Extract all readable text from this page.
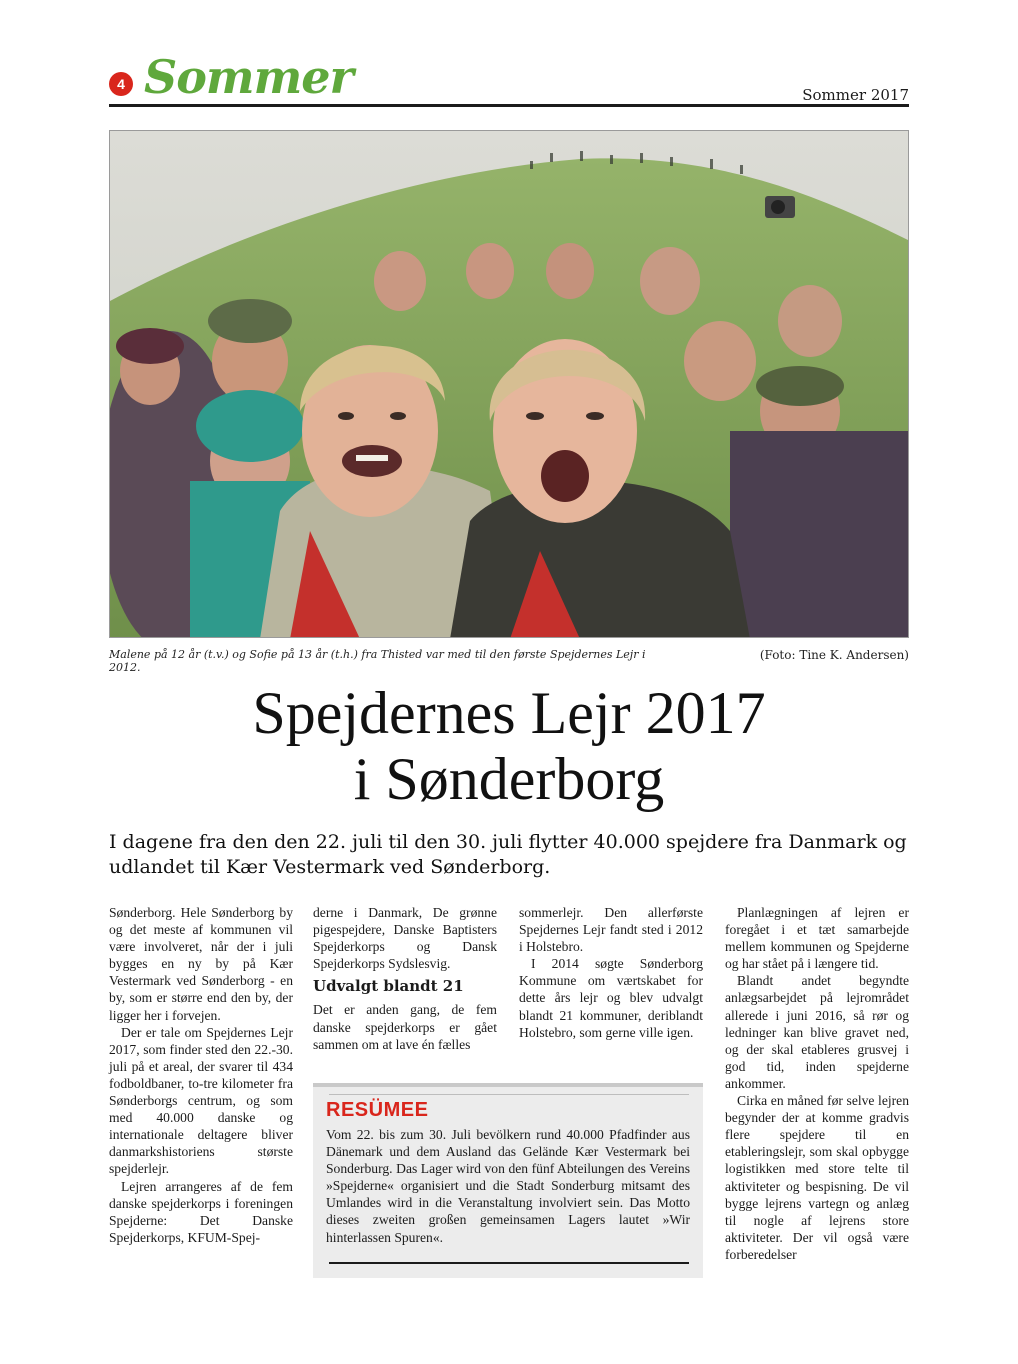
4 Sommer	Sommer 2017
Malene på 12 år (t.v.) og Sofie på 13 år (t.h.) fra Thisted var med til den første Spejdernes Lejr i 2012.
(Foto: Tine K. Andersen)
Spejdernes Lejr 2017
i Sønderborg

I dagene fra den den 22. juli til den 30. juli flytter 40.000 spejdere fra Danmark og udlandet til Kær Vestermark ved Sønderborg.

Sønderborg. Hele Sønderborg by og det meste af kommunen vil være involveret, når der i juli bygges en ny by på Kær Vestermark ved Sønderborg - en by, som er større end den by, der ligger her i forvejen.

Der er tale om Spejdernes Lejr 2017, som finder sted den 22.-30. juli på et areal, der svarer til 434 fodboldbaner, to-tre kilometer fra Sønderborgs centrum, og som med 40.000 danske og internationale deltagere bliver danmarkshistoriens største spejderlejr.

Lejren arrangeres af de fem danske spejderkorps i foreningen Spejderne: Det Danske Spejderkorps, KFUM-Spej-

derne i Danmark, De grønne pigespejdere, Danske Baptisters Spejderkorps og Dansk Spejderkorps Sydslesvig.

Udvalgt blandt 21

Det er anden gang, de fem danske spejderkorps er gået sammen om at lave én fælles

sommerlejr. Den allerførste Spejdernes Lejr fandt sted i 2012 i Holstebro.

I 2014 søgte Sønderborg Kommune om værtskabet for dette års lejr og blev udvalgt blandt 21 kommuner, deriblandt Holstebro, som gerne ville igen.

Planlægningen af lejren er foregået i et tæt samarbejde mellem kommunen og Spejderne og har stået på i længere tid.

Blandt andet begyndte anlægsarbejdet på lejrområdet allerede i juni 2016, så rør og ledninger kan blive gravet ned, og der skal etableres grusvej i god tid, inden spejderne ankommer.

Cirka en måned før selve lejren begynder der at komme gradvis flere spejdere til en etableringslejr, som skal opbygge logistikken med store telte til aktiviteter og bespisning. De vil bygge lejrens vartegn og anlæg til nogle af lejrens store aktiviteter. Der vil også være forberedelser

RESÜMEE

Vom 22. bis zum 30. Juli bevölkern rund 40.000 Pfadfinder aus Dänemark und dem Ausland das Gelände Kær Vestermark bei Sonderburg. Das Lager wird von den fünf Abteilungen des Vereins »Spejderne« organisiert und die Stadt Sonderburg mitsamt des Umlandes wird in die Veranstaltung involviert sein. Das Motto dieses zweiten großen gemeinsamen Lagers lautet »Wir hinterlassen Spuren«.
